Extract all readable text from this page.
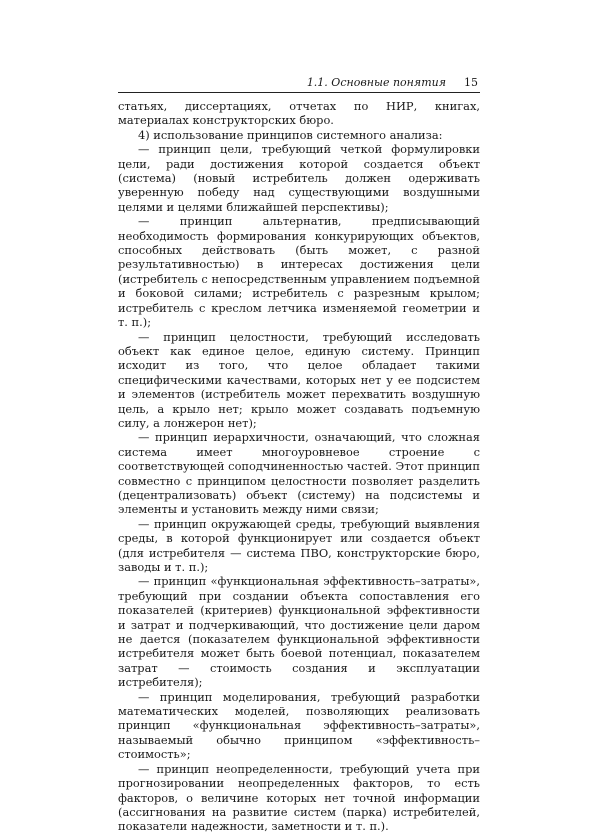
1.1. Основные понятия 15

статьях, диссертациях, отчетах по НИР, книгах, материалах конструкторских бюро.

4) использование принципов системного анализа:

— принцип цели, требующий четкой формулировки цели, ради достижения которой создается объект (система) (новый истребитель должен одерживать уверенную победу над существующими воздушными целями и целями ближайшей перспективы);

— принцип альтернатив, предписывающий необходимость формирования конкурирующих объектов, способных действовать (быть может, с разной результативностью) в интересах достижения цели (истребитель с непосредственным управлением подъемной и боковой силами; истребитель с разрезным крылом; истребитель с креслом летчика изменяемой геометрии и т. п.);

— принцип целостности, требующий исследовать объект как единое целое, единую систему. Принцип исходит из того, что целое обладает такими специфическими качествами, которых нет у ее подсистем и элементов (истребитель может перехватить воздушную цель, а крыло нет; крыло может создавать подъемную силу, а лонжерон нет);

— принцип иерархичности, означающий, что сложная система имеет многоуровневое строение с соответствующей соподчиненностью частей. Этот принцип совместно с принципом целостности позволяет разделить (децентрализовать) объект (систему) на подсистемы и элементы и установить между ними связи;

— принцип окружающей среды, требующий выявления среды, в которой функционирует или создается объект (для истребителя — система ПВО, конструкторские бюро, заводы и т. п.);

— принцип «функциональная эффективность–затраты», требующий при создании объекта сопоставления его показателей (критериев) функциональной эффективности и затрат и подчеркивающий, что достижение цели даром не дается (показателем функциональной эффективности истребителя может быть боевой потенциал, показателем затрат — стоимость создания и эксплуатации истребителя);

— принцип моделирования, требующий разработки математических моделей, позволяющих реализовать принцип «функциональная эффективность–затраты», называемый обычно принципом «эффективность–стоимость»;

— принцип неопределенности, требующий учета при прогнозировании неопределенных факторов, то есть факторов, о величине которых нет точной информации (ассигнования на развитие систем (парка) истребителей, показатели надежности, заметности и т. п.).
